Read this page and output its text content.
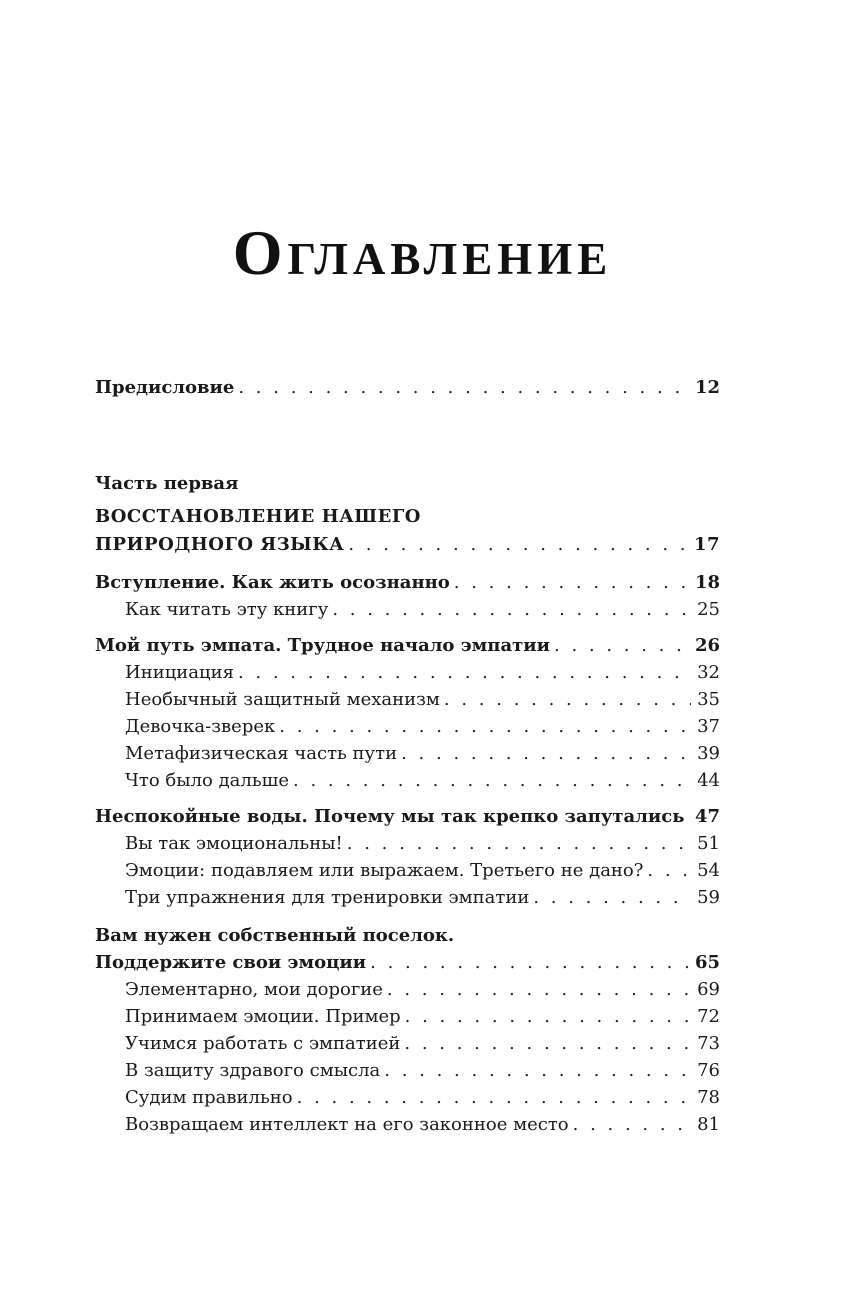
Оглавление
Предисловие . . .	12
Часть первая
ВОССТАНОВЛЕНИЕ НАШЕГО
ПРИРОДНОГО ЯЗЫКА . . .	17
Вступление. Как жить осознанно . . .	18
Как читать эту книгу . . .	25
Мой путь эмпата. Трудное начало эмпатии . . .	26
Инициация . . .	32
Необычный защитный механизм . . .	35
Девочка-зверек . . .	37
Метафизическая часть пути . . .	39
Что было дальше . . .	44
Неспокойные воды. Почему мы так крепко запутались . . . 47
Вы так эмоциональны! . . .	51
Эмоции: подавляем или выражаем. Третьего не дано? . . .	54
Три упражнения для тренировки эмпатии . . .	59
Вам нужен собственный поселок.
Поддержите свои эмоции . . .	65
Элементарно, мои дорогие . . .	69
Принимаем эмоции. Пример . . .	72
Учимся работать с эмпатией . . .	73
В защиту здравого смысла . . .	76
Судим правильно . . .	78
Возвращаем интеллект на его законное место . . .	81
